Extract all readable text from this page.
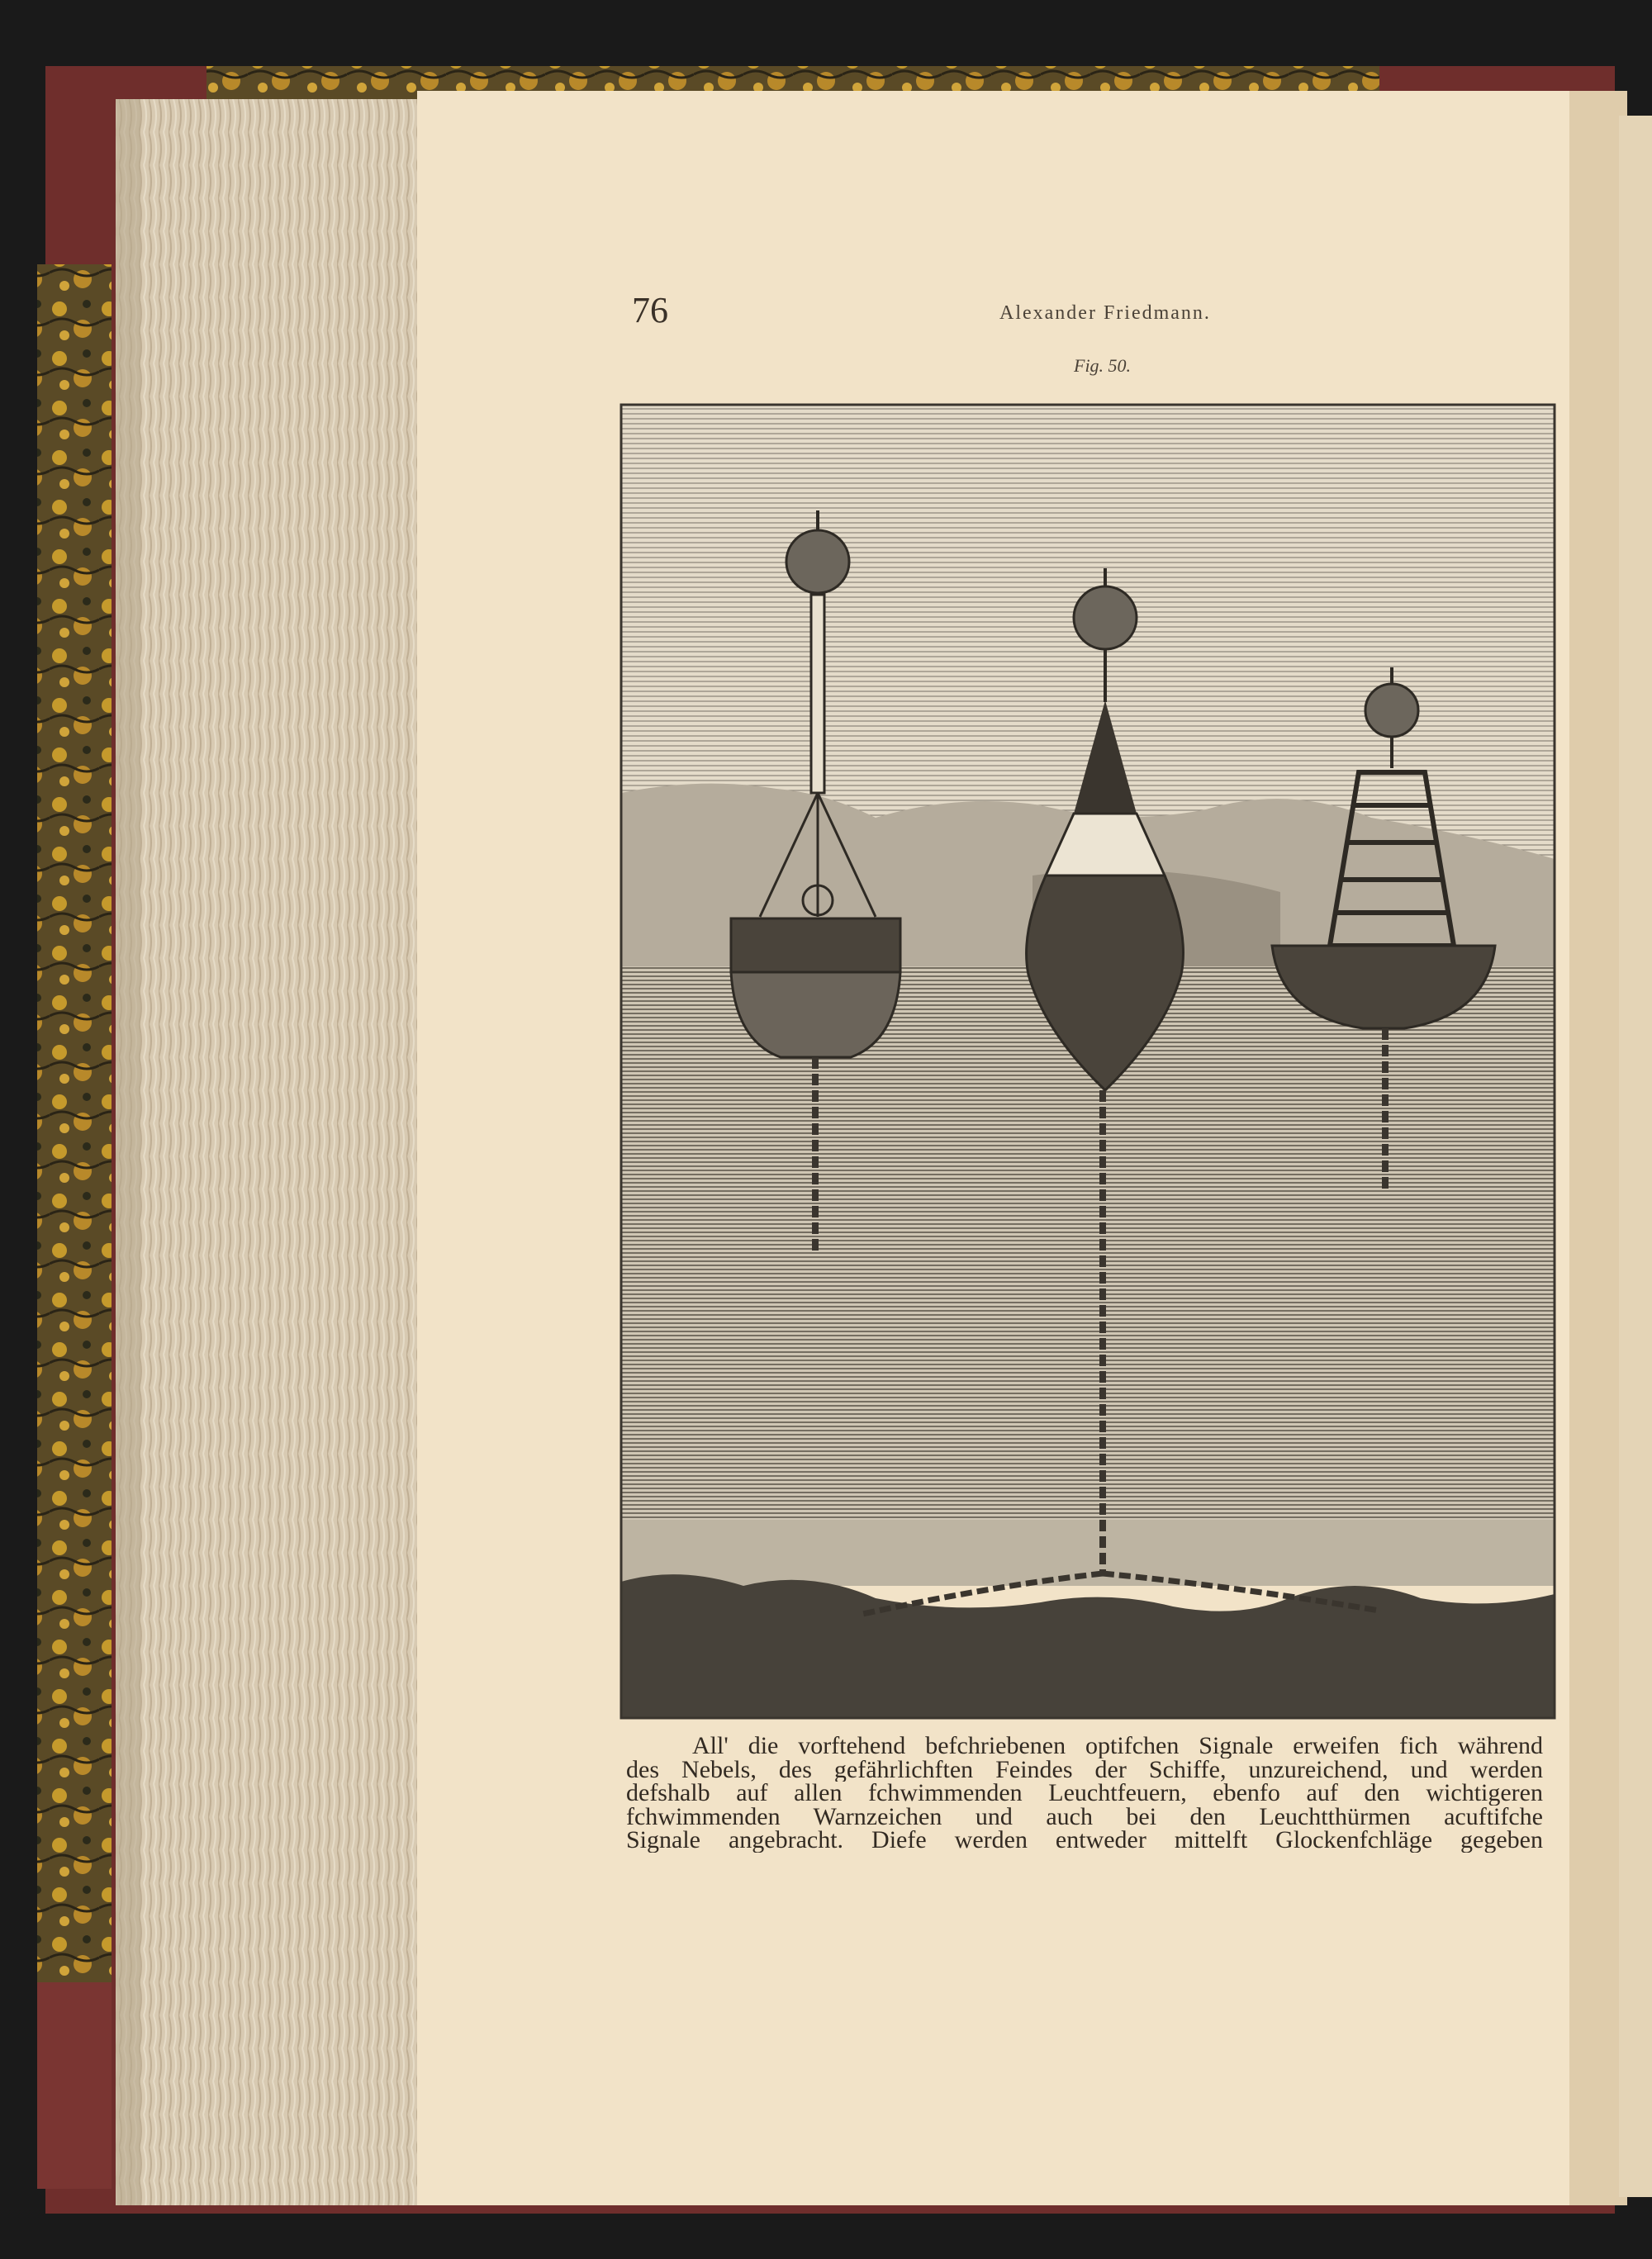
76	Alexander Friedmann.
Fig. 50.

All' die vorftehend befchriebenen optifchen Signale erweifen fich während
des Nebels, des gefährlichften Feindes der Schiffe, unzureichend, und werden
defshalb auf allen fchwimmenden Leuchtfeuern, ebenfo auf den wichtigeren
fchwimmenden Warnzeichen und auch bei den Leuchtthürmen acuftifche
Signale angebracht. Diefe werden entweder mittelft Glockenfchläge gegeben
